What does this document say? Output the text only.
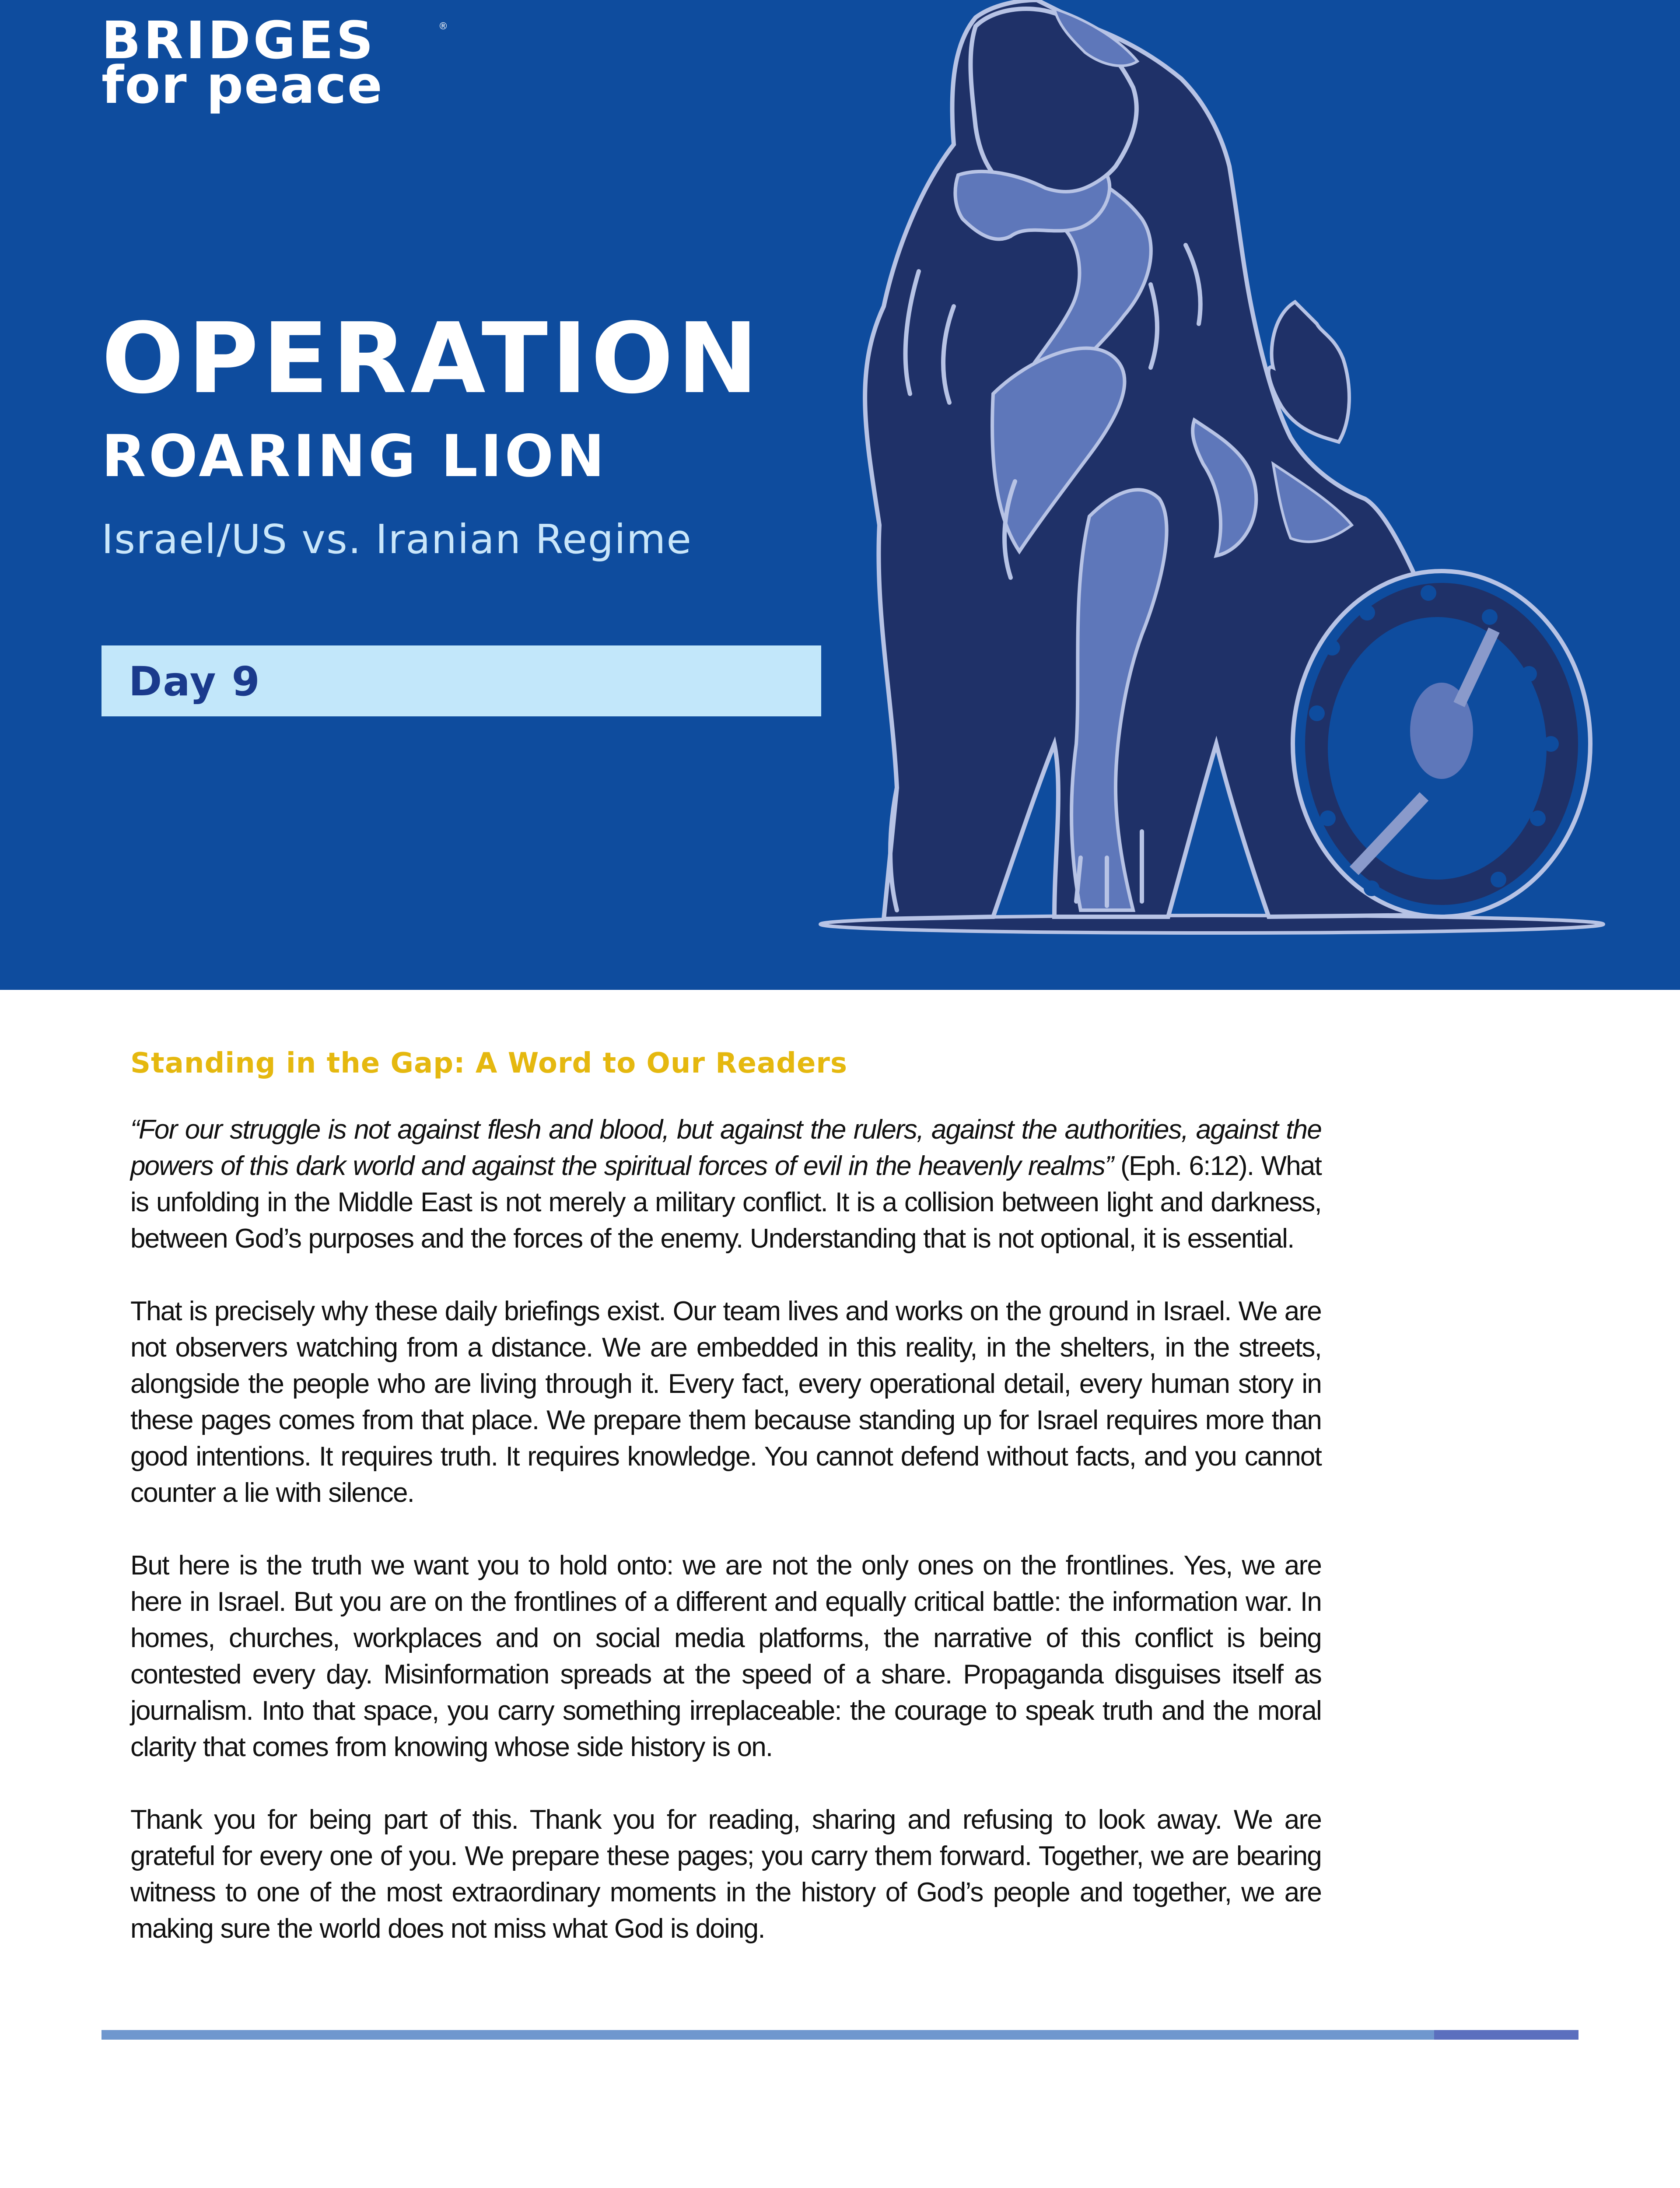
BRIDGES
for peace
®
OPERATION
ROARING LION
Israel/US vs. Iranian Regime
Day 9
Standing in the Gap: A Word to Our Readers

“For our struggle is not against flesh and blood, but against the rulers, against the authorities, against the powers of this dark world and against the spiritual forces of evil in the heavenly realms” (Eph. 6:12). What is unfolding in the Middle East is not merely a military conflict. It is a collision between light and darkness, between God’s purposes and the forces of the enemy. Understanding that is not optional, it is essential.

That is precisely why these daily briefings exist. Our team lives and works on the ground in Israel. We are not observers watching from a distance. We are embedded in this reality, in the shelters, in the streets, alongside the people who are living through it. Every fact, every operational detail, every human story in these pages comes from that place. We prepare them because standing up for Israel requires more than good intentions. It requires truth. It requires knowledge. You cannot defend without facts, and you cannot counter a lie with silence.

But here is the truth we want you to hold onto: we are not the only ones on the frontlines. Yes, we are here in Israel. But you are on the frontlines of a different and equally critical battle: the information war. In homes, churches, workplaces and on social media platforms, the narrative of this conflict is being contested every day. Misinformation spreads at the speed of a share. Propaganda disguises itself as journalism. Into that space, you carry something irreplaceable: the courage to speak truth and the moral clarity that comes from knowing whose side history is on.

Thank you for being part of this. Thank you for reading, sharing and refusing to look away. We are grateful for every one of you. We prepare these pages; you carry them forward. Together, we are bearing witness to one of the most extraordinary moments in the history of God’s people and together, we are making sure the world does not miss what God is doing.
